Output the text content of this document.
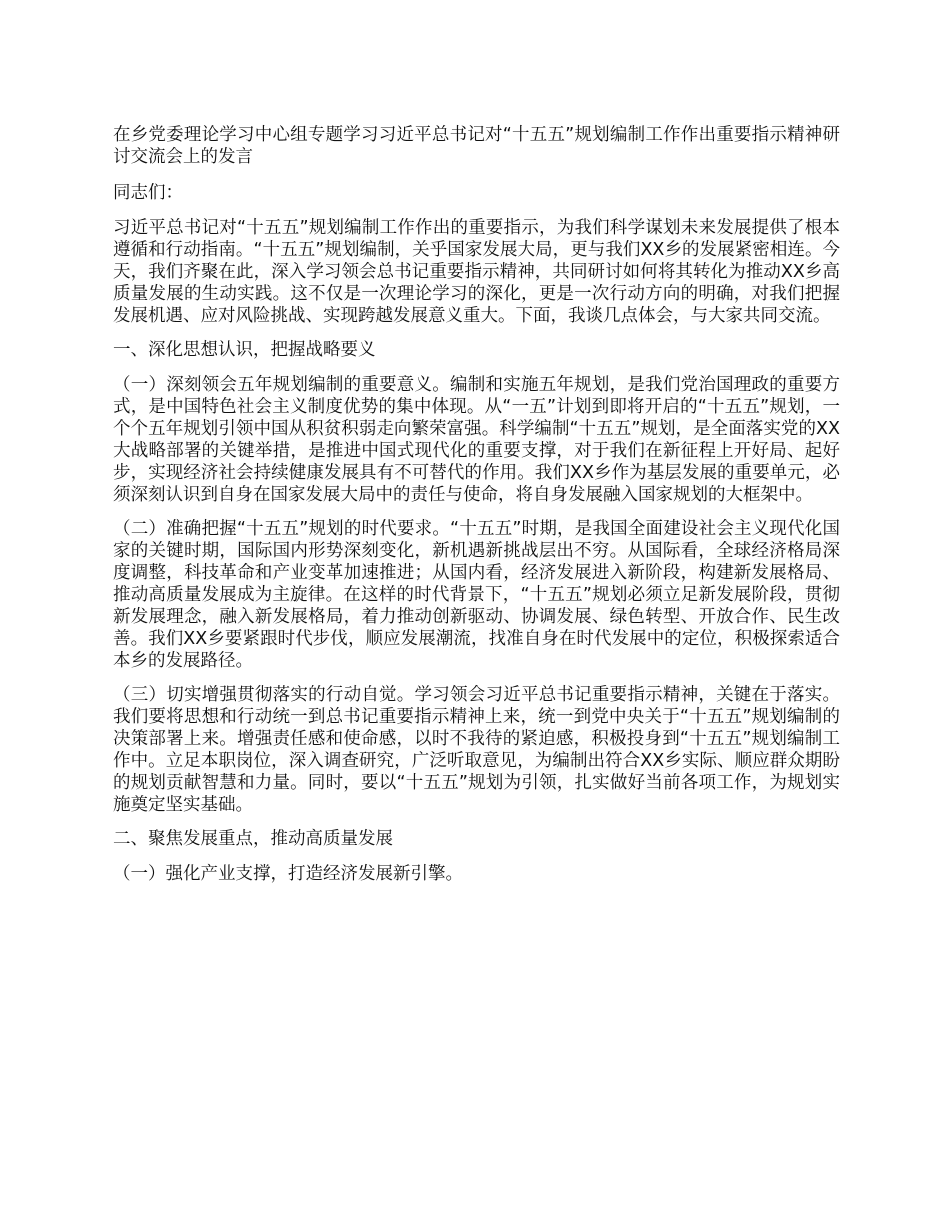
在乡党委理论学习中心组专题学习习近平总书记对“十五五”规划编制工作作出重要指示精神研讨交流会上的发言

同志们：

习近平总书记对“十五五”规划编制工作作出的重要指示，为我们科学谋划未来发展提供了根本遵循和行动指南。“十五五”规划编制，关乎国家发展大局，更与我们XX乡的发展紧密相连。今天，我们齐聚在此，深入学习领会总书记重要指示精神，共同研讨如何将其转化为推动XX乡高质量发展的生动实践。这不仅是一次理论学习的深化，更是一次行动方向的明确，对我们把握发展机遇、应对风险挑战、实现跨越发展意义重大。下面，我谈几点体会，与大家共同交流。

一、深化思想认识，把握战略要义

（一）深刻领会五年规划编制的重要意义。编制和实施五年规划，是我们党治国理政的重要方式，是中国特色社会主义制度优势的集中体现。从“一五”计划到即将开启的“十五五”规划，一个个五年规划引领中国从积贫积弱走向繁荣富强。科学编制“十五五”规划，是全面落实党的XX大战略部署的关键举措，是推进中国式现代化的重要支撑，对于我们在新征程上开好局、起好步，实现经济社会持续健康发展具有不可替代的作用。我们XX乡作为基层发展的重要单元，必须深刻认识到自身在国家发展大局中的责任与使命，将自身发展融入国家规划的大框架中。

（二）准确把握“十五五”规划的时代要求。“十五五”时期，是我国全面建设社会主义现代化国家的关键时期，国际国内形势深刻变化，新机遇新挑战层出不穷。从国际看，全球经济格局深度调整，科技革命和产业变革加速推进；从国内看，经济发展进入新阶段，构建新发展格局、推动高质量发展成为主旋律。在这样的时代背景下，“十五五”规划必须立足新发展阶段，贯彻新发展理念，融入新发展格局，着力推动创新驱动、协调发展、绿色转型、开放合作、民生改善。我们XX乡要紧跟时代步伐，顺应发展潮流，找准自身在时代发展中的定位，积极探索适合本乡的发展路径。

（三）切实增强贯彻落实的行动自觉。学习领会习近平总书记重要指示精神，关键在于落实。我们要将思想和行动统一到总书记重要指示精神上来，统一到党中央关于“十五五”规划编制的决策部署上来。增强责任感和使命感，以时不我待的紧迫感，积极投身到“十五五”规划编制工作中。立足本职岗位，深入调查研究，广泛听取意见，为编制出符合XX乡实际、顺应群众期盼的规划贡献智慧和力量。同时，要以“十五五”规划为引领，扎实做好当前各项工作，为规划实施奠定坚实基础。

二、聚焦发展重点，推动高质量发展

（一）强化产业支撑，打造经济发展新引擎。
